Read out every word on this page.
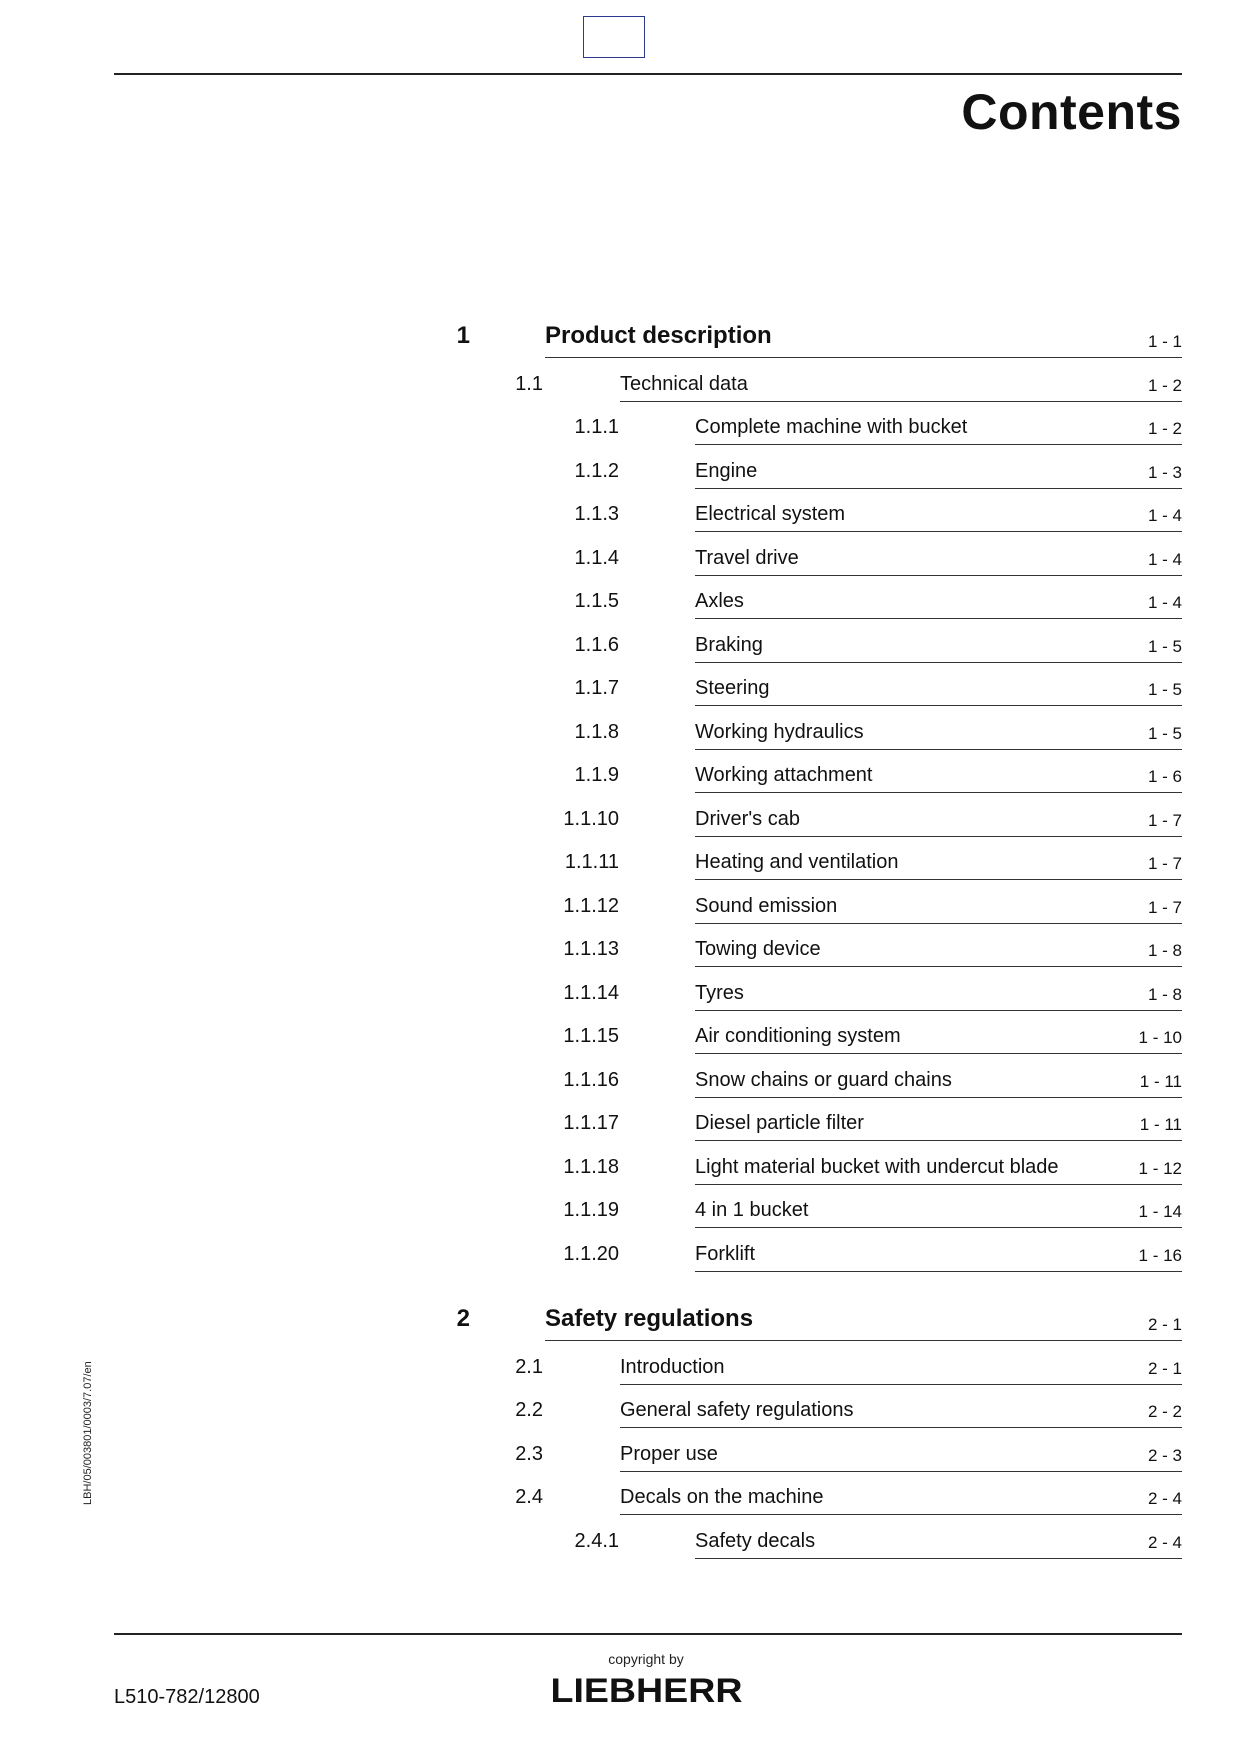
Contents
1	Product description	1 - 1
1.1	Technical data	1 - 2
1.1.1	Complete machine with bucket	1 - 2
1.1.2	Engine	1 - 3
1.1.3	Electrical system	1 - 4
1.1.4	Travel drive	1 - 4
1.1.5	Axles	1 - 4
1.1.6	Braking	1 - 5
1.1.7	Steering	1 - 5
1.1.8	Working hydraulics	1 - 5
1.1.9	Working attachment	1 - 6
1.1.10	Driver's cab	1 - 7
1.1.11	Heating and ventilation	1 - 7
1.1.12	Sound emission	1 - 7
1.1.13	Towing device	1 - 8
1.1.14	Tyres	1 - 8
1.1.15	Air conditioning system	1 - 10
1.1.16	Snow chains or guard chains	1 - 11
1.1.17	Diesel particle filter	1 - 11
1.1.18	Light material bucket with undercut blade	1 - 12
1.1.19	4 in 1 bucket	1 - 14
1.1.20	Forklift	1 - 16
2	Safety regulations	2 - 1
2.1	Introduction	2 - 1
2.2	General safety regulations	2 - 2
2.3	Proper use	2 - 3
2.4	Decals on the machine	2 - 4
2.4.1	Safety decals	2 - 4
LBH/05/003801/0003/7.07/en
copyright by
LIEBHERR
L510-782/12800
